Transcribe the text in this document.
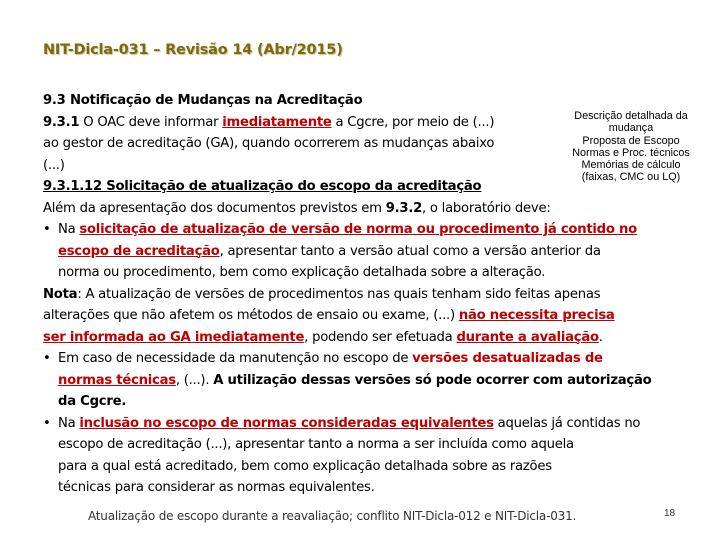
NIT-Dicla-031 – Revisão 14 (Abr/2015)
Descrição detalhada da
mudança
Proposta de Escopo
Normas e Proc. técnicos
Memórias de cálculo
(faixas, CMC ou LQ)
9.3 Notificação de Mudanças na Acreditação
9.3.1 O OAC deve informar imediatamente a Cgcre, por meio de (...)
ao gestor de acreditação (GA), quando ocorrerem as mudanças abaixo
(...)
9.3.1.12 Solicitação de atualização do escopo da acreditação
Além da apresentação dos documentos previstos em 9.3.2, o laboratório deve:
• Na solicitação de atualização de versão de norma ou procedimento já contido no
escopo de acreditação, apresentar tanto a versão atual como a versão anterior da
norma ou procedimento, bem como explicação detalhada sobre a alteração.
Nota: A atualização de versões de procedimentos nas quais tenham sido feitas apenas
alterações que não afetem os métodos de ensaio ou exame, (...) não necessita precisa
ser informada ao GA imediatamente, podendo ser efetuada durante a avaliação.
• Em caso de necessidade da manutenção no escopo de versões desatualizadas de
normas técnicas, (...). A utilização dessas versões só pode ocorrer com autorização
da Cgcre.
• Na inclusão no escopo de normas consideradas equivalentes aquelas já contidas no
escopo de acreditação (...), apresentar tanto a norma a ser incluída como aquela
para a qual está acreditado, bem como explicação detalhada sobre as razões
técnicas para considerar as normas equivalentes.
Atualização de escopo durante a reavaliação; conflito NIT-Dicla-012 e NIT-Dicla-031.	18
